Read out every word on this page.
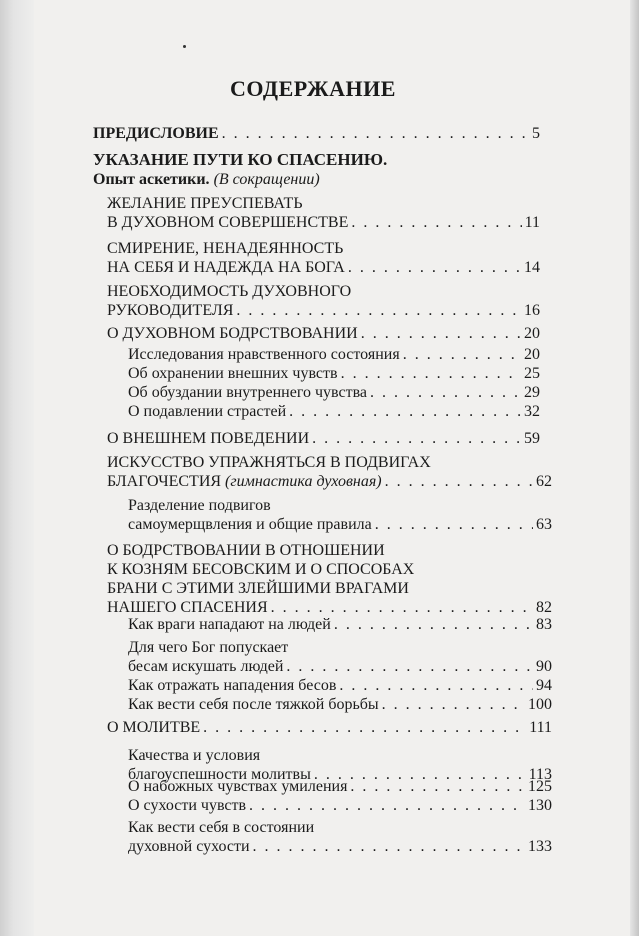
СОДЕРЖАНИЕ
ПРЕДИСЛОВИЕ . . .	5
УКАЗАНИЕ ПУТИ КО СПАСЕНИЮ.
Опыт аскетики. (В сокращении)
ЖЕЛАНИЕ ПРЕУСПЕВАТЬ
В ДУХОВНОМ СОВЕРШЕНСТВЕ . . .	11
СМИРЕНИЕ, НЕНАДЕЯННОСТЬ
НА СЕБЯ И НАДЕЖДА НА БОГА . . .	14
НЕОБХОДИМОСТЬ ДУХОВНОГО
РУКОВОДИТЕЛЯ . . .	16
О ДУХОВНОМ БОДРСТВОВАНИИ . . .	20
Исследования нравственного состояния . . .	20
Об охранении внешних чувств . . .	25
Об обуздании внутреннего чувства . . .	29
О подавлении страстей . . .	32
О ВНЕШНЕМ ПОВЕДЕНИИ . . .	59
ИСКУССТВО УПРАЖНЯТЬСЯ В ПОДВИГАХ
БЛАГОЧЕСТИЯ (гимнастика духовная) . . .	62
Разделение подвигов
самоумерщвления и общие правила . . .	63
О БОДРСТВОВАНИИ В ОТНОШЕНИИ
К КОЗНЯМ БЕСОВСКИМ И О СПОСОБАХ
БРАНИ С ЭТИМИ ЗЛЕЙШИМИ ВРАГАМИ
НАШЕГО СПАСЕНИЯ . . .	82
Как враги нападают на людей . . .	83
Для чего Бог попускает
бесам искушать людей . . .	90
Как отражать нападения бесов . . .	94
Как вести себя после тяжкой борьбы . . .	100
О МОЛИТВЕ . . .	111
Качества и условия
благоуспешности молитвы . . .	113
О набожных чувствах умиления . . .	125
О сухости чувств . . .	130
Как вести себя в состоянии
духовной сухости . . .	133
